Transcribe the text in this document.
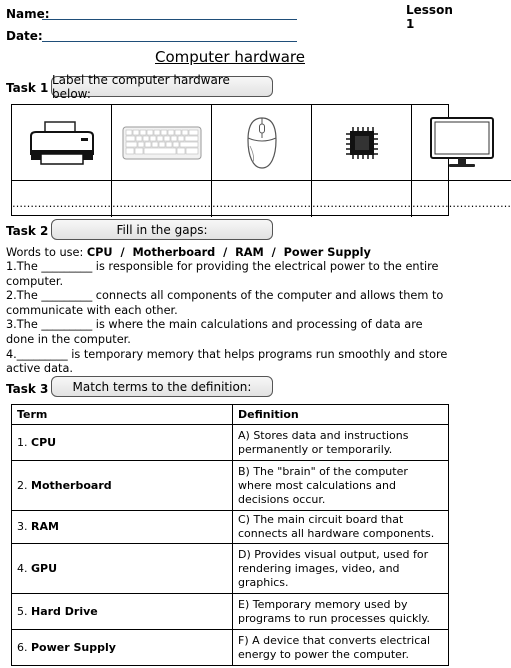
Name:	Lesson 1
Date:
Computer hardware
Task 1
Label the computer hardware below:
……………………… ……………………… ……………………… ……………………… ………………………
Task 2	Fill in the gaps:
Words to use: CPU  /  Motherboard  /  RAM  /  Power Supply
1.The _________ is responsible for providing the electrical power to the entire computer.
2.The _________ connects all components of the computer and allows them to communicate with each other.
3.The _________ is where the main calculations and processing of data are done in the computer.
4._________ is temporary memory that helps programs run smoothly and store active data.
Task 3	Match terms to the definition:
Term	Definition
1. CPU	A) Stores data and instructions permanently or temporarily.
2. Motherboard	B) The "brain" of the computer where most calculations and decisions occur.
3. RAM	C) The main circuit board that connects all hardware components.
4. GPU	D) Provides visual output, used for rendering images, video, and graphics.
5. Hard Drive	E) Temporary memory used by programs to run processes quickly.
6. Power Supply	F) A device that converts electrical energy to power the computer.
